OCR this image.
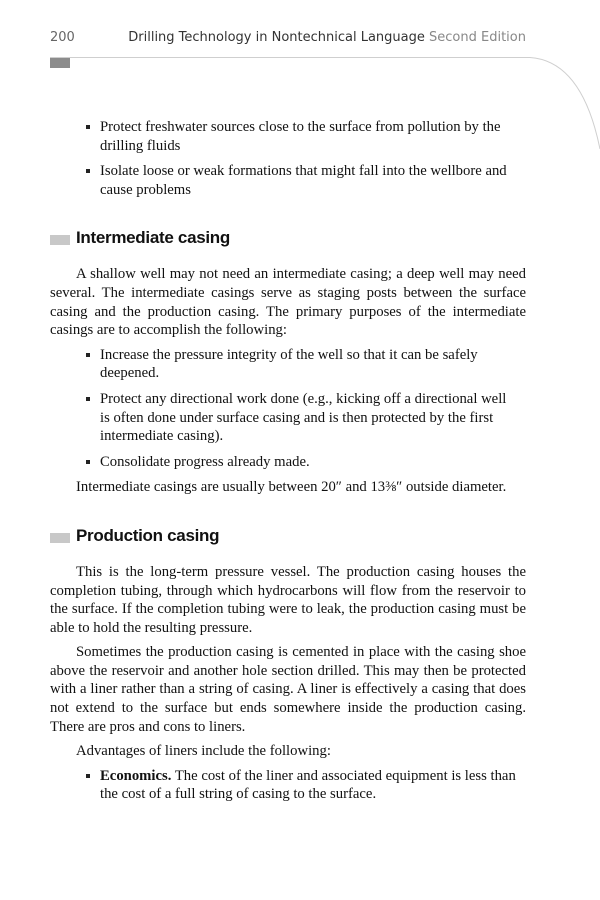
200	Drilling Technology in Nontechnical Language Second Edition
Protect freshwater sources close to the surface from pollution by the drilling fluids
Isolate loose or weak formations that might fall into the wellbore and cause problems
Intermediate casing

A shallow well may not need an intermediate casing; a deep well may need several. The intermediate casings serve as staging posts between the surface casing and the production casing. The primary purposes of the intermediate casings are to accomplish the following:

Increase the pressure integrity of the well so that it can be safely deepened.
Protect any directional work done (e.g., kicking off a directional well is often done under surface casing and is then protected by the first intermediate casing).
Consolidate progress already made.

Intermediate casings are usually between 20″ and 13⅜″ outside diameter.

Production casing

This is the long-term pressure vessel. The production casing houses the completion tubing, through which hydrocarbons will flow from the reservoir to the surface. If the completion tubing were to leak, the production casing must be able to hold the resulting pressure.

Sometimes the production casing is cemented in place with the casing shoe above the reservoir and another hole section drilled. This may then be protected with a liner rather than a string of casing. A liner is effectively a casing that does not extend to the surface but ends somewhere inside the production casing. There are pros and cons to liners.

Advantages of liners include the following:

Economics. The cost of the liner and associated equipment is less than the cost of a full string of casing to the surface.
